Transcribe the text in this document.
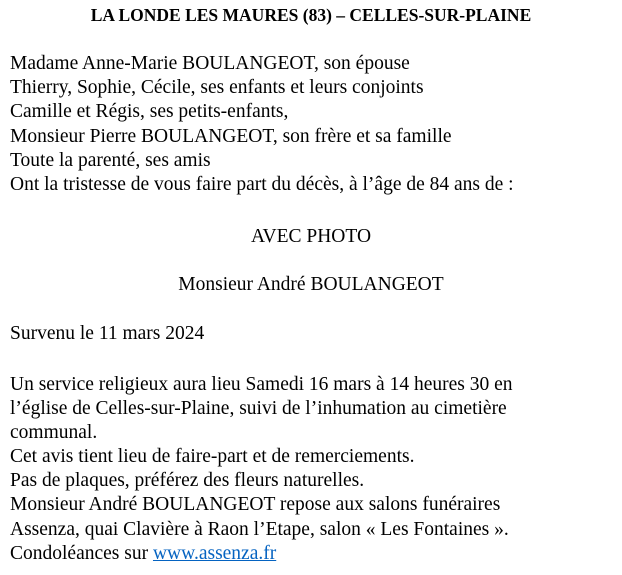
LA LONDE LES MAURES (83) – CELLES-SUR-PLAINE
Madame Anne-Marie BOULANGEOT, son épouse
Thierry, Sophie, Cécile, ses enfants et leurs conjoints
Camille et Régis, ses petits-enfants,
Monsieur Pierre BOULANGEOT, son frère et sa famille
Toute la parenté, ses amis
Ont la tristesse de vous faire part du décès, à l’âge de 84 ans de :
AVEC PHOTO
Monsieur André BOULANGEOT
Survenu le 11 mars 2024
Un service religieux aura lieu Samedi 16 mars à 14 heures 30 en
l’église de Celles-sur-Plaine, suivi de l’inhumation au cimetière
communal.
Cet avis tient lieu de faire-part et de remerciements.
Pas de plaques, préférez des fleurs naturelles.
Monsieur André BOULANGEOT repose aux salons funéraires
Assenza, quai Clavière à Raon l’Etape, salon « Les Fontaines ».
Condoléances sur www.assenza.fr
